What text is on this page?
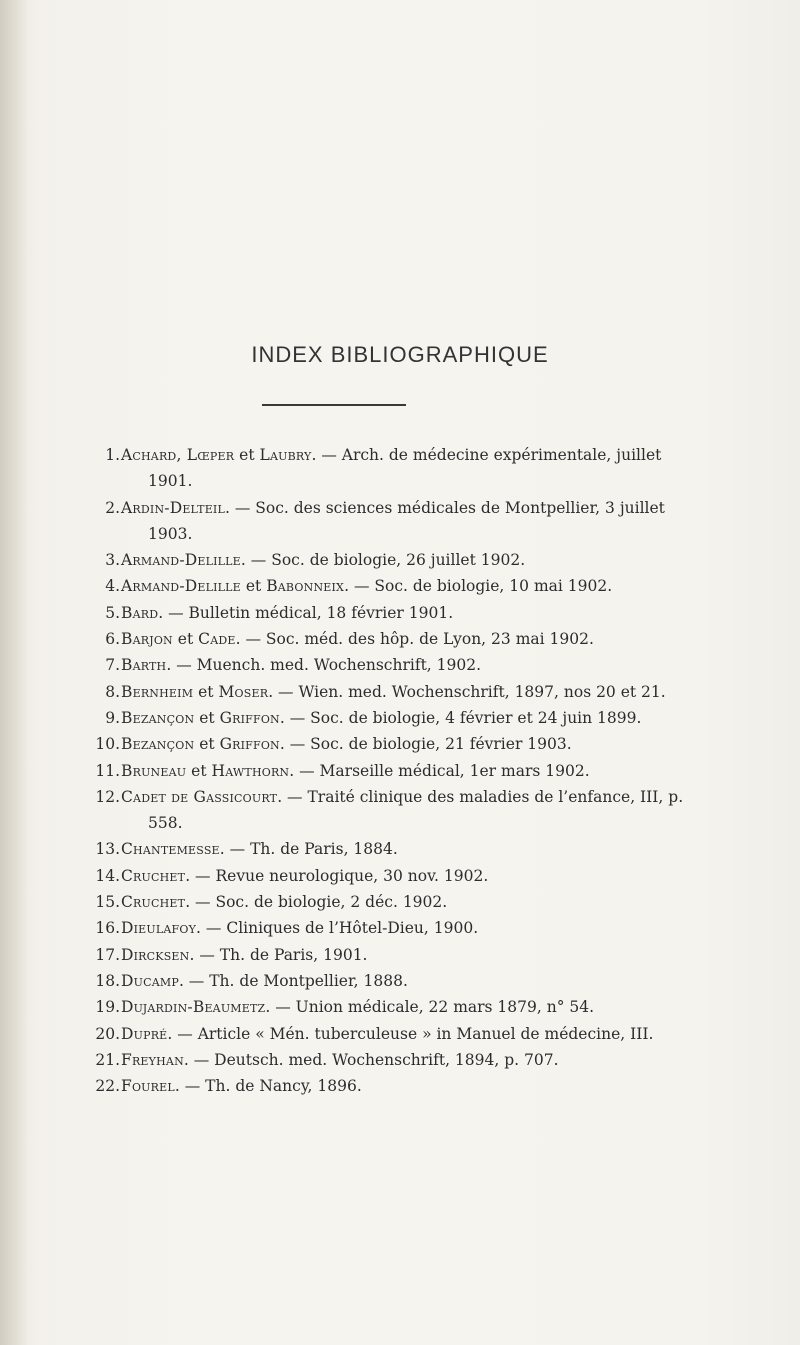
INDEX BIBLIOGRAPHIQUE
1. Achard, Lœper et Laubry. — Arch. de médecine expérimentale, juillet 1901.
2. Ardin-Delteil. — Soc. des sciences médicales de Montpellier, 3 juillet 1903.
3. Armand-Delille. — Soc. de biologie, 26 juillet 1902.
4. Armand-Delille et Babonneix. — Soc. de biologie, 10 mai 1902.
5. Bard. — Bulletin médical, 18 février 1901.
6. Barjon et Cade. — Soc. méd. des hôp. de Lyon, 23 mai 1902.
7. Barth. — Muench. med. Wochenschrift, 1902.
8. Bernheim et Moser. — Wien. med. Wochenschrift, 1897, nos 20 et 21.
9. Bezançon et Griffon. — Soc. de biologie, 4 février et 24 juin 1899.
10. Bezançon et Griffon. — Soc. de biologie, 21 février 1903.
11. Bruneau et Hawthorn. — Marseille médical, 1er mars 1902.
12. Cadet de Gassicourt. — Traité clinique des maladies de l’enfance, III, p. 558.
13. Chantemesse. — Th. de Paris, 1884.
14. Cruchet. — Revue neurologique, 30 nov. 1902.
15. Cruchet. — Soc. de biologie, 2 déc. 1902.
16. Dieulafoy. — Cliniques de l’Hôtel-Dieu, 1900.
17. Dircksen. — Th. de Paris, 1901.
18. Ducamp. — Th. de Montpellier, 1888.
19. Dujardin-Beaumetz. — Union médicale, 22 mars 1879, n° 54.
20. Dupré. — Article « Mén. tuberculeuse » in Manuel de médecine, III.
21. Freyhan. — Deutsch. med. Wochenschrift, 1894, p. 707.
22. Fourel. — Th. de Nancy, 1896.
